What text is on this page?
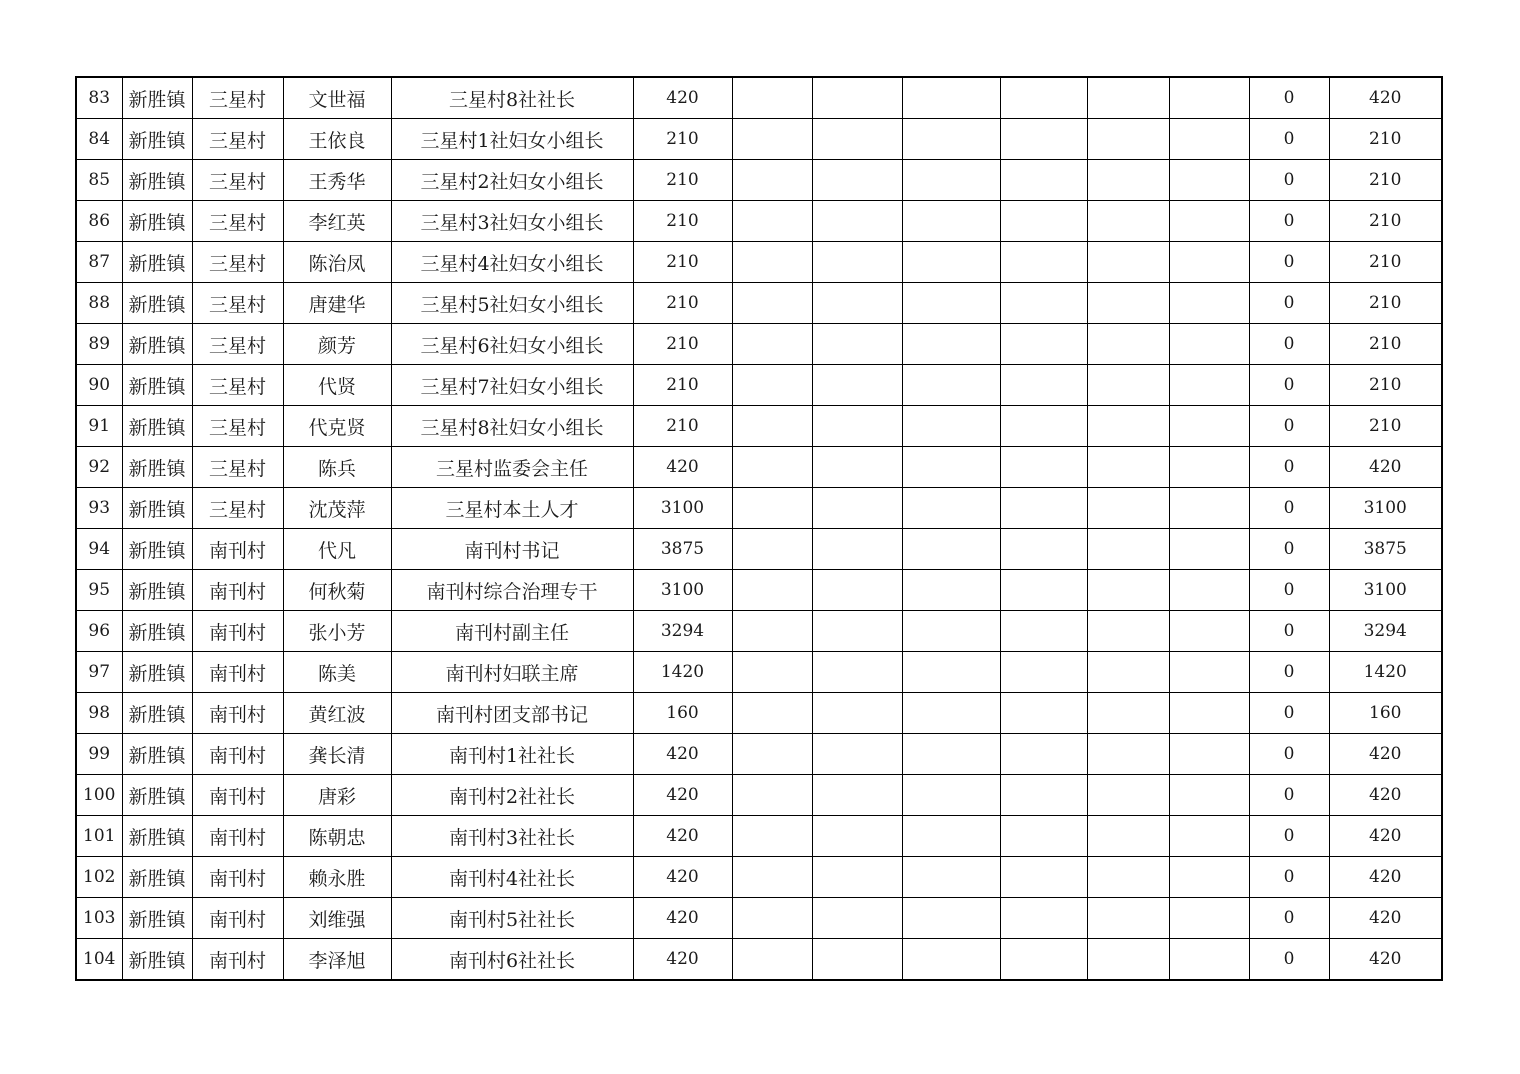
83	新胜镇	三星村	文世福	三星村8社社长	420							0	420
84	新胜镇	三星村	王依良	三星村1社妇女小组长	210							0	210
85	新胜镇	三星村	王秀华	三星村2社妇女小组长	210							0	210
86	新胜镇	三星村	李红英	三星村3社妇女小组长	210							0	210
87	新胜镇	三星村	陈治凤	三星村4社妇女小组长	210							0	210
88	新胜镇	三星村	唐建华	三星村5社妇女小组长	210							0	210
89	新胜镇	三星村	颜芳	三星村6社妇女小组长	210							0	210
90	新胜镇	三星村	代贤	三星村7社妇女小组长	210							0	210
91	新胜镇	三星村	代克贤	三星村8社妇女小组长	210							0	210
92	新胜镇	三星村	陈兵	三星村监委会主任	420							0	420
93	新胜镇	三星村	沈茂萍	三星村本土人才	3100							0	3100
94	新胜镇	南刊村	代凡	南刊村书记	3875							0	3875
95	新胜镇	南刊村	何秋菊	南刊村综合治理专干	3100							0	3100
96	新胜镇	南刊村	张小芳	南刊村副主任	3294							0	3294
97	新胜镇	南刊村	陈美	南刊村妇联主席	1420							0	1420
98	新胜镇	南刊村	黄红波	南刊村团支部书记	160							0	160
99	新胜镇	南刊村	龚长清	南刊村1社社长	420							0	420
100	新胜镇	南刊村	唐彩	南刊村2社社长	420							0	420
101	新胜镇	南刊村	陈朝忠	南刊村3社社长	420							0	420
102	新胜镇	南刊村	赖永胜	南刊村4社社长	420							0	420
103	新胜镇	南刊村	刘维强	南刊村5社社长	420							0	420
104	新胜镇	南刊村	李泽旭	南刊村6社社长	420							0	420
